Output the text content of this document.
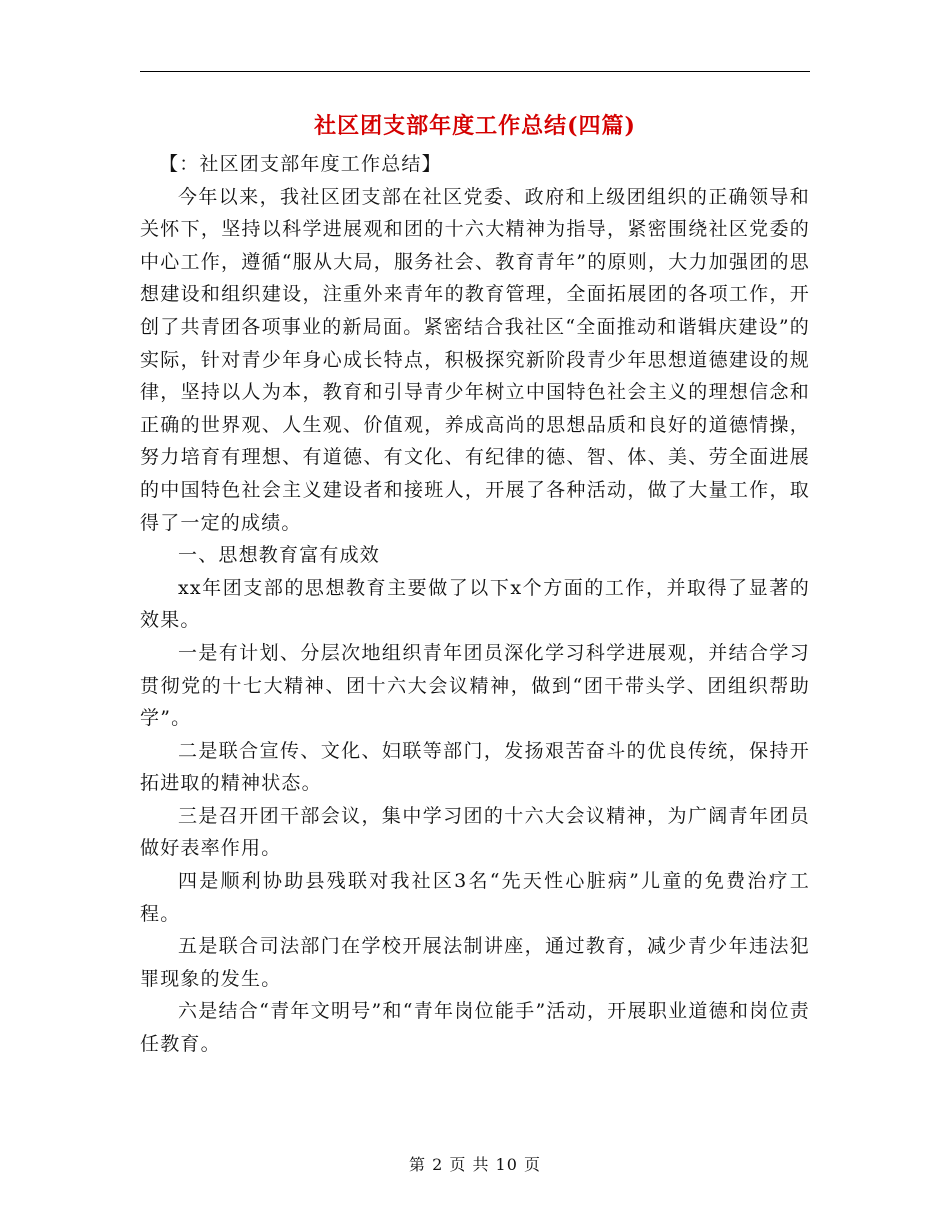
社区团支部年度工作总结(四篇)

【：社区团支部年度工作总结】

今年以来，我社区团支部在社区党委、政府和上级团组织的正确领导和关怀下，坚持以科学进展观和团的十六大精神为指导，紧密围绕社区党委的中心工作，遵循“服从大局，服务社会、教育青年”的原则，大力加强团的思想建设和组织建设，注重外来青年的教育管理，全面拓展团的各项工作，开创了共青团各项事业的新局面。紧密结合我社区“全面推动和谐辑庆建设”的实际，针对青少年身心成长特点，积极探究新阶段青少年思想道德建设的规律，坚持以人为本，教育和引导青少年树立中国特色社会主义的理想信念和正确的世界观、人生观、价值观，养成高尚的思想品质和良好的道德情操，努力培育有理想、有道德、有文化、有纪律的德、智、体、美、劳全面进展的中国特色社会主义建设者和接班人，开展了各种活动，做了大量工作，取得了一定的成绩。

一、思想教育富有成效

xx年团支部的思想教育主要做了以下x个方面的工作，并取得了显著的效果。

一是有计划、分层次地组织青年团员深化学习科学进展观，并结合学习贯彻党的十七大精神、团十六大会议精神，做到“团干带头学、团组织帮助学”。

二是联合宣传、文化、妇联等部门，发扬艰苦奋斗的优良传统，保持开拓进取的精神状态。

三是召开团干部会议，集中学习团的十六大会议精神，为广阔青年团员做好表率作用。

四是顺利协助县残联对我社区3名“先天性心脏病”儿童的免费治疗工程。

五是联合司法部门在学校开展法制讲座，通过教育，减少青少年违法犯罪现象的发生。

六是结合“青年文明号”和“青年岗位能手”活动，开展职业道德和岗位责任教育。

第 2 页 共 10 页
